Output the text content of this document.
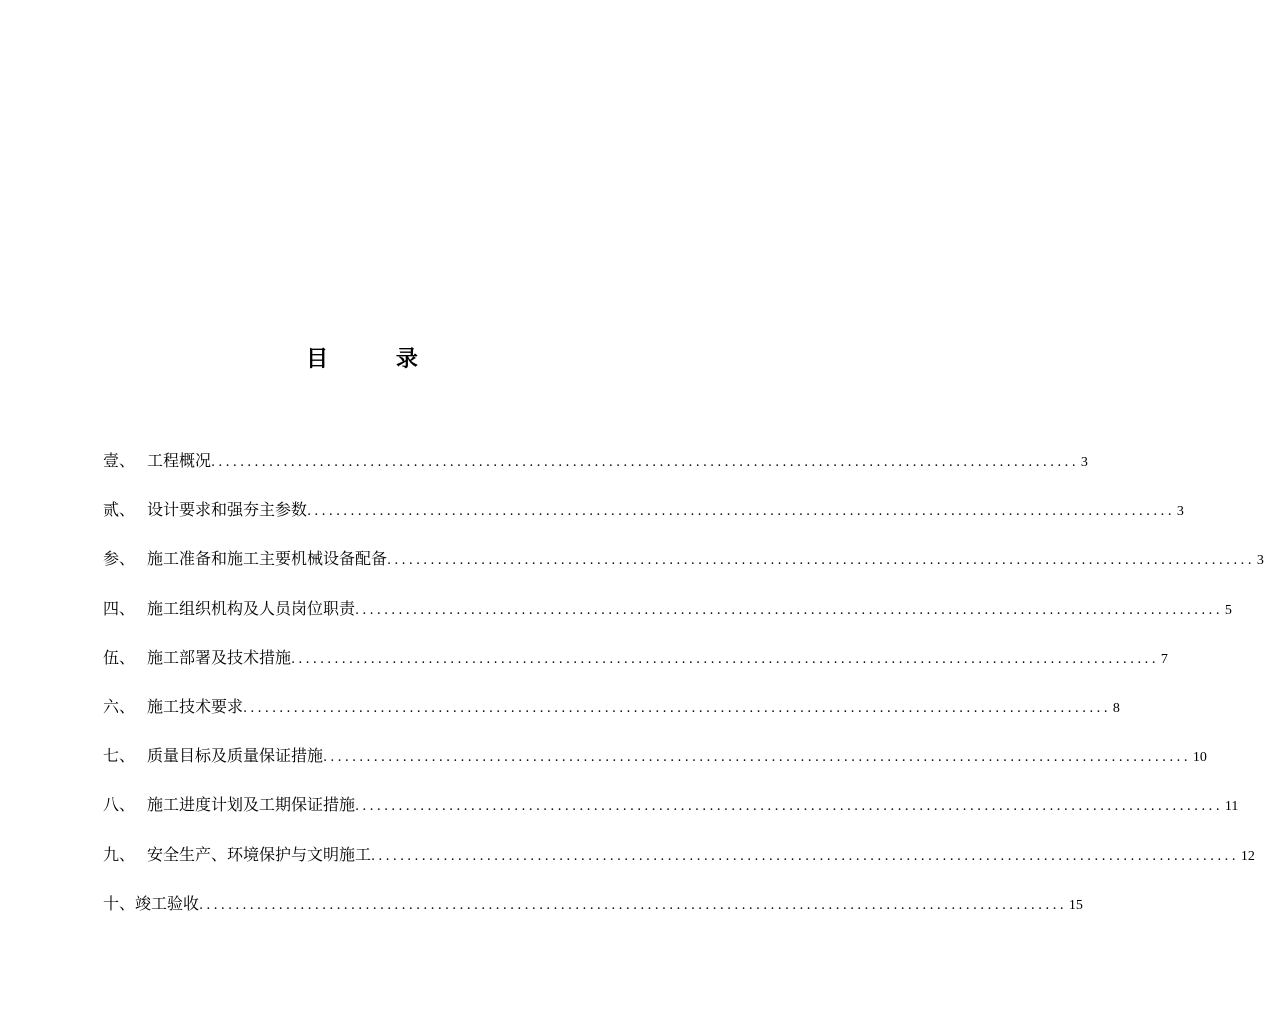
目 录
壹、 工程概况 ........................................................................................................................ 3
贰、 设计要求和强夯主参数 ........................................................................................................................ 3
参、 施工准备和施工主要机械设备配备 ........................................................................................................................ 3
四、 施工组织机构及人员岗位职责 ........................................................................................................................ 5
伍、 施工部署及技术措施 ........................................................................................................................ 7
六、 施工技术要求 ........................................................................................................................ 8
七、 质量目标及质量保证措施 ........................................................................................................................ 10
八、 施工进度计划及工期保证措施 ........................................................................................................................ 11
九、 安全生产、环境保护与文明施工 ........................................................................................................................ 12
十、 竣工验收 ........................................................................................................................ 15
